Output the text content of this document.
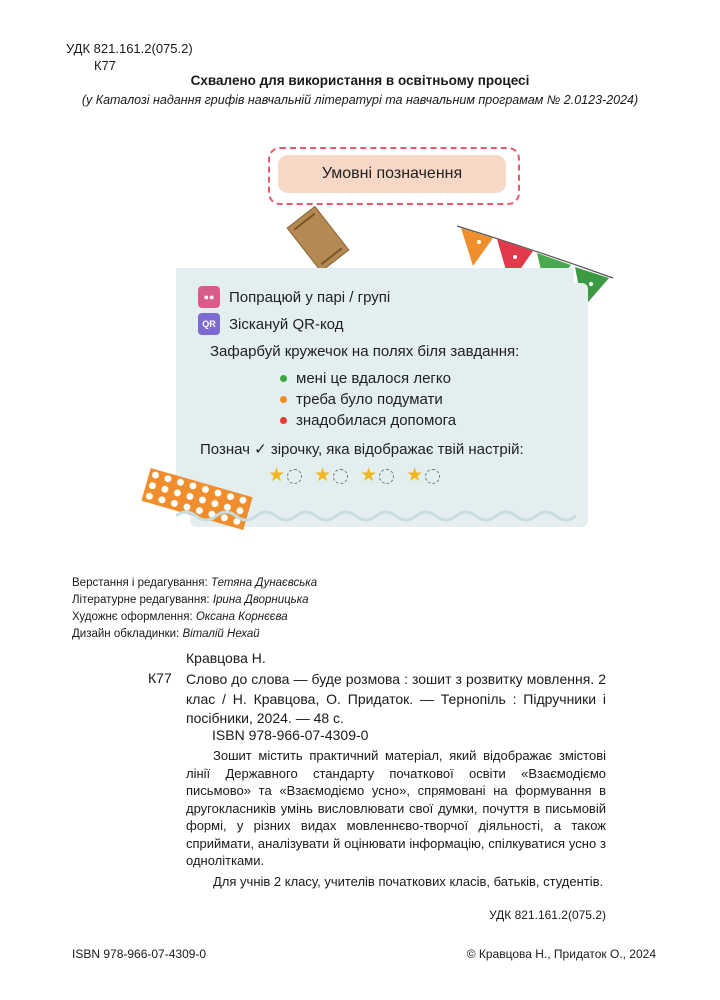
УДК 821.161.2(075.2)
К77
Схвалено для використання в освітньому процесі
(у Каталозі надання грифів навчальній літературі та навчальним програмам № 2.0123-2024)
Умовні позначення
●● Попрацюй у парі / групі
QR Зіскануй QR-код
Зафарбуй кружечок на полях біля завдання:
мені це вдалося легко
треба було подумати
знадобилася допомога
Познач ✓ зірочку, яка відображає твій настрій:
★ ★ ★ ★
Верстання і редагування: Тетяна Дунаєвська
Літературне редагування: Ірина Дворницька
Художнє оформлення: Оксана Корнєєва
Дизайн обкладинки: Віталій Нехай
Кравцова Н.
К77 Слово до слова — буде розмова : зошит з розвитку мовлення. 2 клас / Н. Кравцова, О. Придаток. — Тернопіль : Підручники і посібники, 2024. — 48 с.
ISBN 978-966-07-4309-0

Зошит містить практичний матеріал, який відображає змістові лінії Державного стандарту початкової освіти «Взаємодіємо письмово» та «Взаємодіємо усно», спрямовані на формування в другокласників умінь висловлювати свої думки, почуття в письмовій формі, у різних видах мовленнєво-творчої діяльності, а також сприймати, аналізувати й оцінювати інформацію, спілкуватися усно з однолітками.

Для учнів 2 класу, учителів початкових класів, батьків, студентів.

УДК 821.161.2(075.2)
ISBN 978-966-07-4309-0	© Кравцова Н., Придаток О., 2024
